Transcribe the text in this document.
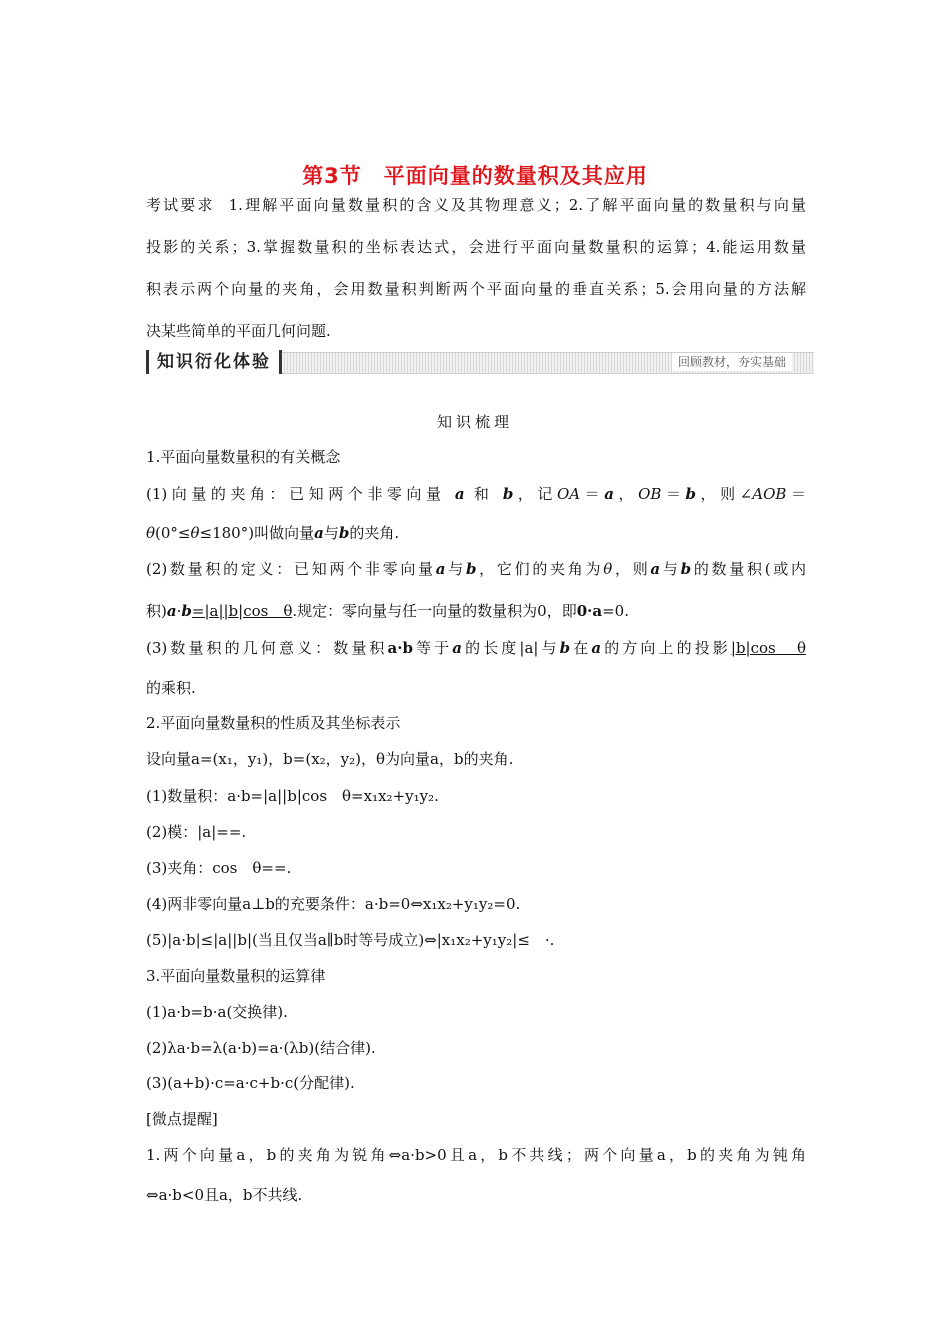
第3节　平面向量的数量积及其应用
考试要求 1.理解平面向量数量积的含义及其物理意义；2.了解平面向量的数量积与向量
投影的关系；3.掌握数量积的坐标表达式，会进行平面向量数量积的运算；4.能运用数量
积表示两个向量的夹角，会用数量积判断两个平面向量的垂直关系；5.会用向量的方法解
决某些简单的平面几何问题.
知识衍化体验	回顾教材，夯实基础
知识梳理
1.平面向量数量积的有关概念
(1)向量的夹角：已知两个非零向量 a 和 b，记OA＝a，OB＝b，则∠AOB＝
θ(0°≤θ≤180°)叫做向量a与b的夹角.
(2)数量积的定义：已知两个非零向量a与b，它们的夹角为θ，则a与b的数量积(或内
积)a·b=|a||b|cos　θ.规定：零向量与任一向量的数量积为0，即0·a=0.
(3)数量积的几何意义：数量积a·b等于a的长度|a|与b在a的方向上的投影|b|cos　θ
的乘积.
2.平面向量数量积的性质及其坐标表示
设向量a=(x₁，y₁)，b=(x₂，y₂)，θ为向量a，b的夹角.
(1)数量积：a·b=|a||b|cos　θ=x₁x₂+y₁y₂.
(2)模：|a|==.
(3)夹角：cos　θ==.
(4)两非零向量a⊥b的充要条件：a·b=0⇔x₁x₂+y₁y₂=0.
(5)|a·b|≤|a||b|(当且仅当a∥b时等号成立)⇔|x₁x₂+y₁y₂|≤　·.
3.平面向量数量积的运算律
(1)a·b=b·a(交换律).
(2)λa·b=λ(a·b)=a·(λb)(结合律).
(3)(a+b)·c=a·c+b·c(分配律).
[微点提醒]
1.两个向量a，b的夹角为锐角⇔a·b>0且a，b不共线；两个向量a，b的夹角为钝角
⇔a·b<0且a，b不共线.
